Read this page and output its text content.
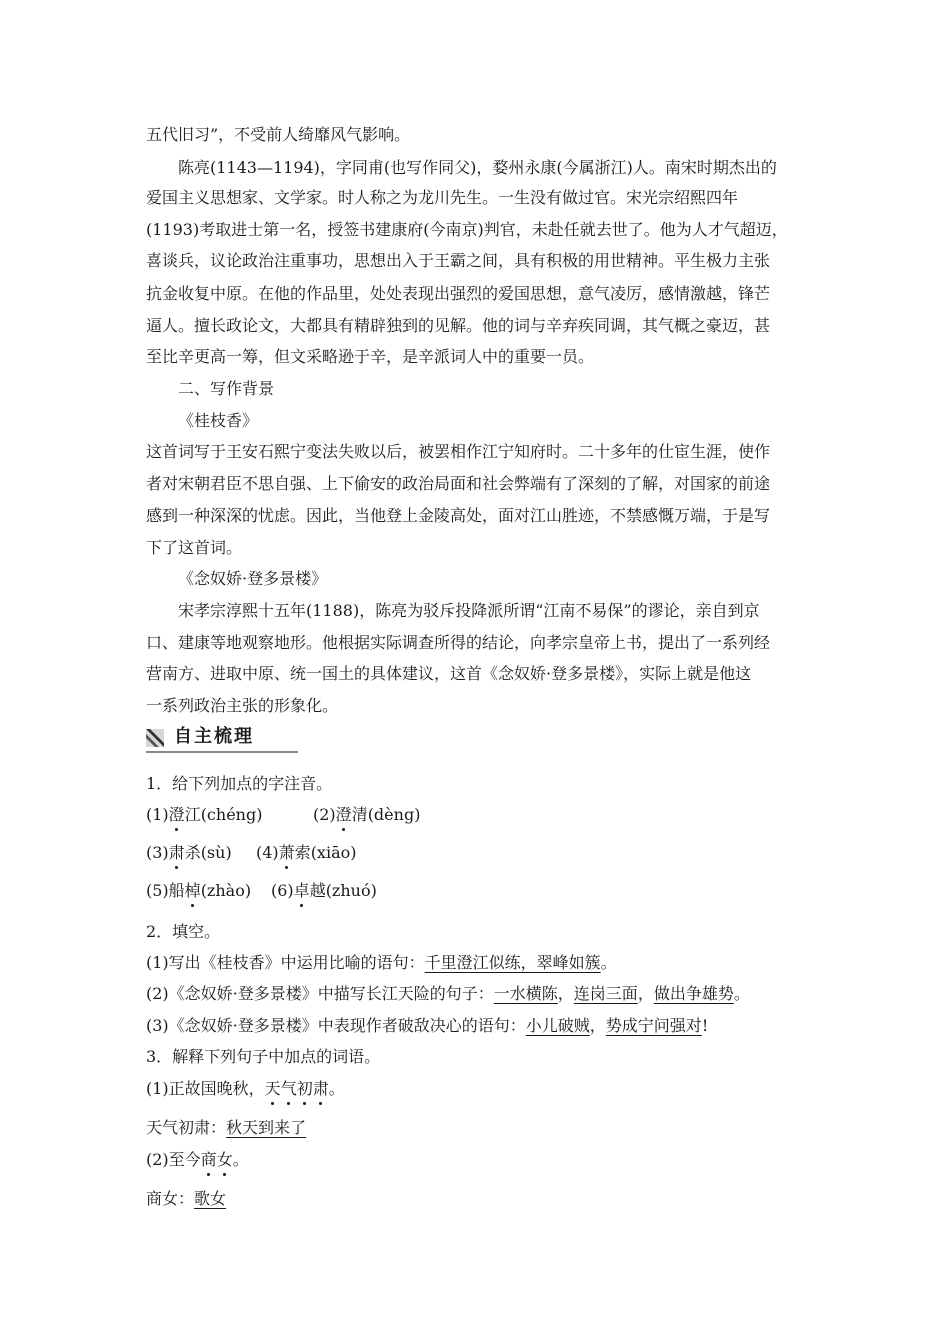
五代旧习”，不受前人绮靡风气影响。
陈亮(1143—1194)，字同甫(也写作同父)，婺州永康(今属浙江)人。南宋时期杰出的
爱国主义思想家、文学家。时人称之为龙川先生。一生没有做过官。宋光宗绍熙四年
(1193)考取进士第一名，授签书建康府(今南京)判官，未赴任就去世了。他为人才气超迈，
喜谈兵，议论政治注重事功，思想出入于王霸之间，具有积极的用世精神。平生极力主张
抗金收复中原。在他的作品里，处处表现出强烈的爱国思想，意气凌厉，感情激越，锋芒
逼人。擅长政论文，大都具有精辟独到的见解。他的词与辛弃疾同调，其气概之豪迈，甚
至比辛更高一筹，但文采略逊于辛，是辛派词人中的重要一员。
二、写作背景
《桂枝香》
这首词写于王安石熙宁变法失败以后，被罢相作江宁知府时。二十多年的仕宦生涯，使作
者对宋朝君臣不思自强、上下偷安的政治局面和社会弊端有了深刻的了解，对国家的前途
感到一种深深的忧虑。因此，当他登上金陵高处，面对江山胜迹，不禁感慨万端，于是写
下了这首词。
《念奴娇·登多景楼》
宋孝宗淳熙十五年(1188)，陈亮为驳斥投降派所谓“江南不易保”的谬论，亲自到京
口、建康等地观察地形。他根据实际调查所得的结论，向孝宗皇帝上书，提出了一系列经
营南方、进取中原、统一国土的具体建议，这首《念奴娇·登多景楼》，实际上就是他这
一系列政治主张的形象化。
自主梳理
1．给下列加点的字注音。
(1)澄江(chéng)	(2)澄清(dèng)
(3)肃杀(sù) (4)萧索(xiāo)
(5)船棹(zhào) (6)卓越(zhuó)
2．填空。
(1)写出《桂枝香》中运用比喻的语句：千里澄江似练，翠峰如簇。
(2)《念奴娇·登多景楼》中描写长江天险的句子：一水横陈，连岗三面，做出争雄势。
(3)《念奴娇·登多景楼》中表现作者破敌决心的语句：小儿破贼，势成宁问强对!
3．解释下列句子中加点的词语。
(1)正故国晚秋，天气初肃。
天气初肃：秋天到来了
(2)至今商女。
商女：歌女
